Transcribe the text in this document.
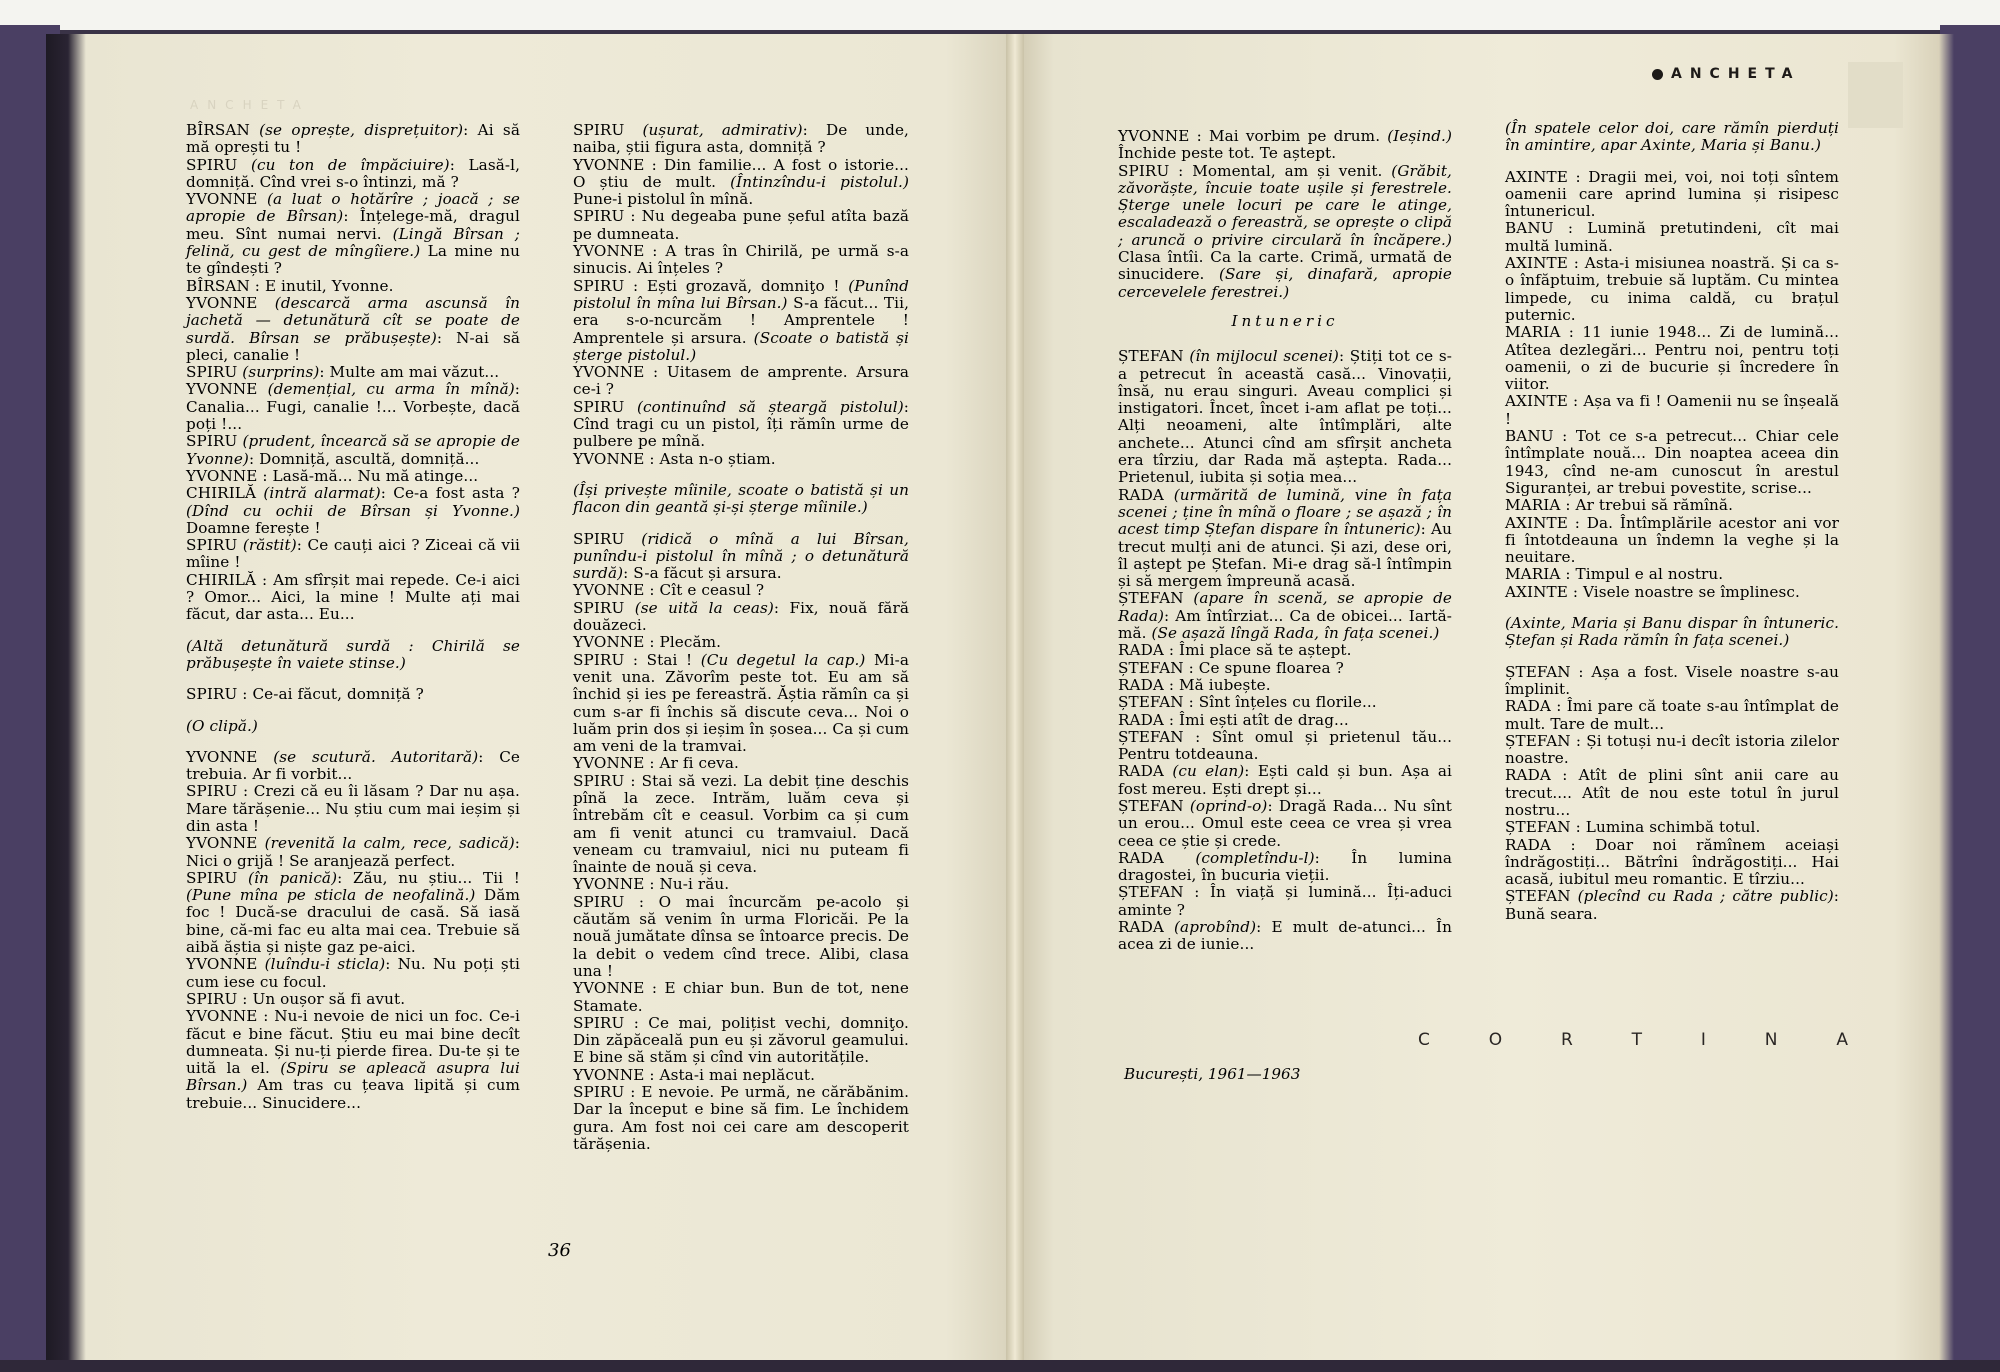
ANCHETA
ANCHETA

BÎRSAN (se oprește, disprețuitor): Ai să mă oprești tu !

SPIRU (cu ton de împăciuire): Lasă-l, domniță. Cînd vrei s-o întinzi, mă ?

YVONNE (a luat o hotărîre ; joacă ; se apropie de Bîrsan): Înțelege-mă, dragul meu. Sînt numai nervi. (Lingă Bîrsan ; felină, cu gest de mîngîiere.) La mine nu te gîndești ?

BÎRSAN : E inutil, Yvonne.

YVONNE (descarcă arma ascunsă în jachetă — detunătură cît se poate de surdă. Bîrsan se prăbușește): N-ai să pleci, canalie !

SPIRU (surprins): Multe am mai văzut...

YVONNE (demențial, cu arma în mînă): Canalia... Fugi, canalie !... Vorbește, dacă poți !...

SPIRU (prudent, încearcă să se apropie de Yvonne): Domniță, ascultă, domniță...

YVONNE : Lasă-mă... Nu mă atinge...

CHIRILĂ (intră alarmat): Ce-a fost asta ? (Dînd cu ochii de Bîrsan și Yvonne.) Doamne ferește !

SPIRU (răstit): Ce cauți aici ? Ziceai că vii mîine !

CHIRILĂ : Am sfîrșit mai repede. Ce-i aici ? Omor... Aici, la mine ! Multe ați mai făcut, dar asta... Eu...

(Altă detunătură surdă : Chirilă se prăbușește în vaiete stinse.)

SPIRU : Ce-ai făcut, domniță ?

(O clipă.)

YVONNE (se scutură. Autoritară): Ce trebuia. Ar fi vorbit...

SPIRU : Crezi că eu îi lăsam ? Dar nu așa. Mare tărășenie... Nu știu cum mai ieșim și din asta !

YVONNE (revenită la calm, rece, sadică): Nici o grijă ! Se aranjează perfect.

SPIRU (în panică): Zău, nu știu... Tii ! (Pune mîna pe sticla de neofalină.) Dăm foc ! Ducă-se dracului de casă. Să iasă bine, că-mi fac eu alta mai cea. Trebuie să aibă ăștia și niște gaz pe-aici.

YVONNE (luîndu-i sticla): Nu. Nu poți ști cum iese cu focul.

SPIRU : Un oușor să fi avut.

YVONNE : Nu-i nevoie de nici un foc. Ce-i făcut e bine făcut. Știu eu mai bine decît dumneata. Și nu-ți pierde firea. Du-te și te uită la el. (Spiru se apleacă asupra lui Bîrsan.) Am tras cu țeava lipită și cum trebuie... Sinucidere...

SPIRU (ușurat, admirativ): De unde, naiba, știi figura asta, domniță ?

YVONNE : Din familie... A fost o istorie... O știu de mult. (Întinzîndu-i pistolul.) Pune-i pistolul în mînă.

SPIRU : Nu degeaba pune șeful atîta bază pe dumneata.

YVONNE : A tras în Chirilă, pe urmă s-a sinucis. Ai înțeles ?

SPIRU : Ești grozavă, domniţo ! (Punînd pistolul în mîna lui Bîrsan.) S-a făcut... Tii, era s-o-ncurcăm ! Amprentele ! Amprentele și arsura. (Scoate o batistă și șterge pistolul.)

YVONNE : Uitasem de amprente. Arsura ce-i ?

SPIRU (continuînd să șteargă pistolul): Cînd tragi cu un pistol, îți rămîn urme de pulbere pe mînă.

YVONNE : Asta n-o știam.

(Își privește mîinile, scoate o batistă și un flacon din geantă și-și șterge mîinile.)

SPIRU (ridică o mînă a lui Bîrsan, punîndu-i pistolul în mînă ; o detunătură surdă): S-a făcut și arsura.

YVONNE : Cît e ceasul ?

SPIRU (se uită la ceas): Fix, nouă fără douăzeci.

YVONNE : Plecăm.

SPIRU : Stai ! (Cu degetul la cap.) Mi-a venit una. Zăvorîm peste tot. Eu am să închid și ies pe fereastră. Ăștia rămîn ca și cum s-ar fi închis să discute ceva... Noi o luăm prin dos și ieșim în șosea... Ca și cum am veni de la tramvai.

YVONNE : Ar fi ceva.

SPIRU : Stai să vezi. La debit ține deschis pînă la zece. Intrăm, luăm ceva și întrebăm cît e ceasul. Vorbim ca și cum am fi venit atunci cu tramvaiul. Dacă veneam cu tramvaiul, nici nu puteam fi înainte de nouă și ceva.

YVONNE : Nu-i rău.

SPIRU : O mai încurcăm pe-acolo și căutăm să venim în urma Floricăi. Pe la nouă jumătate dînsa se întoarce precis. De la debit o vedem cînd trece. Alibi, clasa una !

YVONNE : E chiar bun. Bun de tot, nene Stamate.

SPIRU : Ce mai, polițist vechi, domniţo. Din zăpăceală pun eu și zăvorul geamului. E bine să stăm și cînd vin autoritățile.

YVONNE : Asta-i mai neplăcut.

SPIRU : E nevoie. Pe urmă, ne cărăbănim. Dar la început e bine să fim. Le închidem gura. Am fost noi cei care am descoperit tărășenia.

YVONNE : Mai vorbim pe drum. (Ieșind.) Închide peste tot. Te aștept.

SPIRU : Momental, am și venit. (Grăbit, zăvorăște, încuie toate ușile și ferestrele. Șterge unele locuri pe care le atinge, escaladează o fereastră, se oprește o clipă ; aruncă o privire circulară în încăpere.) Clasa întîi. Ca la carte. Crimă, urmată de sinucidere. (Sare și, dinafară, apropie cercevelele ferestrei.)

Intuneric

ȘTEFAN (în mijlocul scenei): Știți tot ce s-a petrecut în această casă... Vinovații, însă, nu erau singuri. Aveau complici și instigatori. Încet, încet i-am aflat pe toți... Alți neoameni, alte întîmplări, alte anchete... Atunci cînd am sfîrșit ancheta era tîrziu, dar Rada mă aștepta. Rada... Prietenul, iubita și soția mea...

RADA (urmărită de lumină, vine în fața scenei ; ține în mînă o floare ; se așază ; în acest timp Ștefan dispare în întuneric): Au trecut mulți ani de atunci. Și azi, dese ori, îl aștept pe Ștefan. Mi-e drag să-l întîmpin și să mergem împreună acasă.

ȘTEFAN (apare în scenă, se apropie de Rada): Am întîrziat... Ca de obicei... Iartă-mă. (Se așază lîngă Rada, în fața scenei.)

RADA : Îmi place să te aștept.

ȘTEFAN : Ce spune floarea ?

RADA : Mă iubește.

ȘTEFAN : Sînt înțeles cu florile...

RADA : Îmi ești atît de drag...

ȘTEFAN : Sînt omul și prietenul tău... Pentru totdeauna.

RADA (cu elan): Ești cald și bun. Așa ai fost mereu. Ești drept și...

ȘTEFAN (oprind-o): Dragă Rada... Nu sînt un erou... Omul este ceea ce vrea și vrea ceea ce știe și crede.

RADA (completîndu-l): În lumina dragostei, în bucuria vieții.

ȘTEFAN : În viață și lumină... Îți-aduci aminte ?

RADA (aprobînd): E mult de-atunci... În acea zi de iunie...

(În spatele celor doi, care rămîn pierduți în amintire, apar Axinte, Maria și Banu.)

AXINTE : Dragii mei, voi, noi toți sîntem oamenii care aprind lumina și risipesc întunericul.

BANU : Lumină pretutindeni, cît mai multă lumină.

AXINTE : Asta-i misiunea noastră. Și ca s-o înfăptuim, trebuie să luptăm. Cu mintea limpede, cu inima caldă, cu brațul puternic.

MARIA : 11 iunie 1948... Zi de lumină... Atîtea dezlegări... Pentru noi, pentru toți oamenii, o zi de bucurie și încredere în viitor.

AXINTE : Așa va fi ! Oamenii nu se înșeală !

BANU : Tot ce s-a petrecut... Chiar cele întîmplate nouă... Din noaptea aceea din 1943, cînd ne-am cunoscut în arestul Siguranței, ar trebui povestite, scrise...

MARIA : Ar trebui să rămînă.

AXINTE : Da. Întîmplările acestor ani vor fi întotdeauna un îndemn la veghe și la neuitare.

MARIA : Timpul e al nostru.

AXINTE : Visele noastre se împlinesc.

(Axinte, Maria și Banu dispar în întuneric. Ștefan și Rada rămîn în fața scenei.)

ȘTEFAN : Așa a fost. Visele noastre s-au împlinit.

RADA : Îmi pare că toate s-au întîmplat de mult. Tare de mult...

ȘTEFAN : Și totuși nu-i decît istoria zilelor noastre.

RADA : Atît de plini sînt anii care au trecut.... Atît de nou este totul în jurul nostru...

ȘTEFAN : Lumina schimbă totul.

RADA : Doar noi rămînem aceiași îndrăgostiți... Bătrîni îndrăgostiți... Hai acasă, iubitul meu romantic. E tîrziu...

ȘTEFAN (plecînd cu Rada ; către public): Bună seara.

C	O	R	T	I	N	A
București, 1961—1963
36
